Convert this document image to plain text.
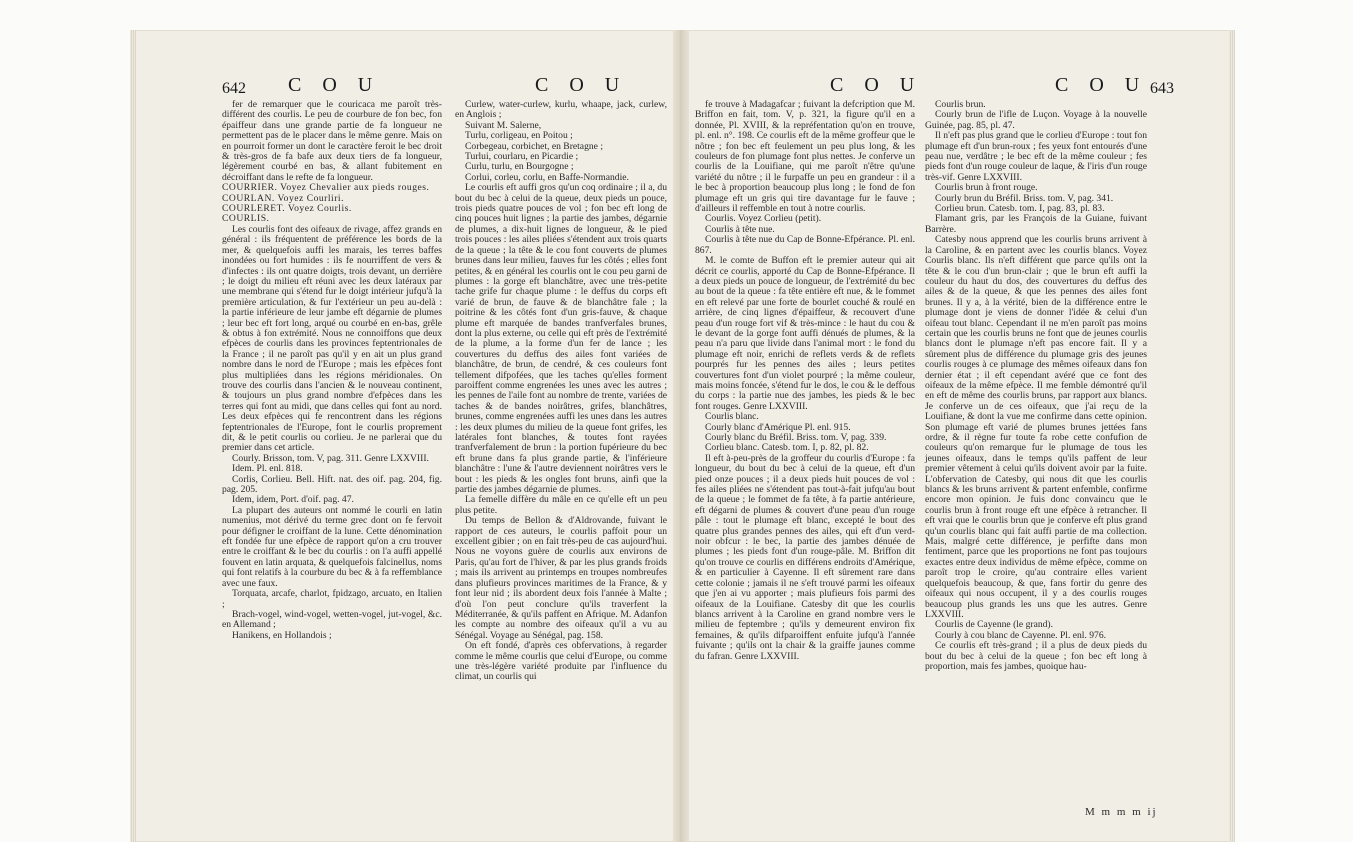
642 C O U	C O U

fer de remarquer que le couricaca me paroît très-différent des courlis. Le peu de courbure de fon bec, fon épaiffeur dans une grande partie de fa longueur ne permettent pas de le placer dans le même genre. Mais on en pourroit former un dont le caractère feroit le bec droit & très-gros de fa bafe aux deux tiers de fa longueur, légèrement courbé en bas, & allant fubitement en décroiffant dans le refte de fa longueur.

COURRIER. Voyez Chevalier aux pieds rouges.

COURLAN. Voyez Courliri.

COURLERET. Voyez Courlis.

COURLIS.

Les courlis font des oifeaux de rivage, affez grands en général : ils fréquentent de préférence les bords de la mer, & quelquefois auffi les marais, les terres baffes inondées ou fort humides : ils fe nourriffent de vers & d'infectes : ils ont quatre doigts, trois devant, un derrière ; le doigt du milieu eft réuni avec les deux latéraux par une membrane qui s'étend fur le doigt intérieur jufqu'à la première articulation, & fur l'extérieur un peu au-delà : la partie inférieure de leur jambe eft dégarnie de plumes ; leur bec eft fort long, arqué ou courbé en en-bas, grêle & obtus à fon extrémité. Nous ne connoiffons que deux efpèces de courlis dans les provinces feptentrionales de la France ; il ne paroît pas qu'il y en ait un plus grand nombre dans le nord de l'Europe ; mais les efpèces font plus multipliées dans les régions méridionales. On trouve des courlis dans l'ancien & le nouveau continent, & toujours un plus grand nombre d'efpèces dans les terres qui font au midi, que dans celles qui font au nord. Les deux efpèces qui fe rencontrent dans les régions feptentrionales de l'Europe, font le courlis proprement dit, & le petit courlis ou corlieu. Je ne parlerai que du premier dans cet article.

Courly. Brisson, tom. V, pag. 311. Genre LXXVIII.

Idem. Pl. enl. 818.

Corlis, Corlieu. Bell. Hift. nat. des oif. pag. 204, fig. pag. 205.

Idem, idem, Port. d'oif. pag. 47.

La plupart des auteurs ont nommé le courli en latin numenius, mot dérivé du terme grec dont on fe fervoit pour défigner le croiffant de la lune. Cette dénomination eft fondée fur une efpèce de rapport qu'on a cru trouver entre le croiffant & le bec du courlis : on l'a auffi appellé fouvent en latin arquata, & quelquefois falcinellus, noms qui font relatifs à la courbure du bec & à fa reffemblance avec une faux.

Torquata, arcafe, charlot, fpidzago, arcuato, en Italien ;

Brach-vogel, wind-vogel, wetten-vogel, jut-vogel, &c. en Allemand ;

Hanikens, en Hollandois ;

Curlew, water-curlew, kurlu, whaape, jack, curlew, en Anglois ;

Suivant M. Salerne,

Turlu, corligeau, en Poitou ;

Corbegeau, corbichet, en Bretagne ;

Turlui, courlaru, en Picardie ;

Curlu, turlu, en Bourgogne ;

Corlui, corleu, corlu, en Baffe-Normandie.

Le courlis eft auffi gros qu'un coq ordinaire ; il a, du bout du bec à celui de la queue, deux pieds un pouce, trois pieds quatre pouces de vol ; fon bec eft long de cinq pouces huit lignes ; la partie des jambes, dégarnie de plumes, a dix-huit lignes de longueur, & le pied trois pouces : les ailes pliées s'étendent aux trois quarts de la queue ; la tête & le cou font couverts de plumes brunes dans leur milieu, fauves fur les côtés ; elles font petites, & en général les courlis ont le cou peu garni de plumes : la gorge eft blanchâtre, avec une très-petite tache grife fur chaque plume : le deffus du corps eft varié de brun, de fauve & de blanchâtre fale ; la poitrine & les côtés font d'un gris-fauve, & chaque plume eft marquée de bandes tranfverfales brunes, dont la plus externe, ou celle qui eft près de l'extrémité de la plume, a la forme d'un fer de lance ; les couvertures du deffus des ailes font variées de blanchâtre, de brun, de cendré, & ces couleurs font tellement difpofées, que les taches qu'elles forment paroiffent comme engrenées les unes avec les autres ; les pennes de l'aile font au nombre de trente, variées de taches & de bandes noirâtres, grifes, blanchâtres, brunes, comme engrenées auffi les unes dans les autres : les deux plumes du milieu de la queue font grifes, les latérales font blanches, & toutes font rayées tranfverfalement de brun : la portion fupérieure du bec eft brune dans fa plus grande partie, & l'inférieure blanchâtre : l'une & l'autre deviennent noirâtres vers le bout : les pieds & les ongles font bruns, ainfi que la partie des jambes dégarnie de plumes.

La femelle diffère du mâle en ce qu'elle eft un peu plus petite.

Du temps de Bellon & d'Aldrovande, fuivant le rapport de ces auteurs, le courlis paffoit pour un excellent gibier ; on en fait très-peu de cas aujourd'hui. Nous ne voyons guère de courlis aux environs de Paris, qu'au fort de l'hiver, & par les plus grands froids ; mais ils arrivent au printemps en troupes nombreufes dans plufieurs provinces maritimes de la France, & y font leur nid ; ils abordent deux fois l'année à Malte ; d'où l'on peut conclure qu'ils traverfent la Méditerranée, & qu'ils paffent en Afrique. M. Adanfon les compte au nombre des oifeaux qu'il a vu au Sénégal. Voyage au Sénégal, pag. 158.

On eft fondé, d'après ces obfervations, à regarder comme le même courlis que celui d'Europe, ou comme une très-légère variété produite par l'influence du climat, un courlis qui

C O U	C O U 643

fe trouve à Madagafcar ; fuivant la defcription que M. Briffon en fait, tom. V, p. 321, la figure qu'il en a donnée, Pl. XVIII, & la repréfentation qu'on en trouve, pl. enl. n°. 198. Ce courlis eft de la même groffeur que le nôtre ; fon bec eft feulement un peu plus long, & les couleurs de fon plumage font plus nettes. Je conferve un courlis de la Louifiane, qui me paroît n'être qu'une variété du nôtre ; il le furpaffe un peu en grandeur : il a le bec à proportion beaucoup plus long ; le fond de fon plumage eft un gris qui tire davantage fur le fauve ; d'ailleurs il reffemble en tout à notre courlis.

Courlis. Voyez Corlieu (petit).

Courlis à tête nue.

Courlis à tête nue du Cap de Bonne-Efpérance. Pl. enl. 867.

M. le comte de Buffon eft le premier auteur qui ait décrit ce courlis, apporté du Cap de Bonne-Efpérance. Il a deux pieds un pouce de longueur, de l'extrémité du bec au bout de la queue : fa tête entière eft nue, & le fommet en eft relevé par une forte de bourlet couché & roulé en arrière, de cinq lignes d'épaiffeur, & recouvert d'une peau d'un rouge fort vif & très-mince : le haut du cou & le devant de la gorge font auffi dénués de plumes, & la peau n'a paru que livide dans l'animal mort : le fond du plumage eft noir, enrichi de reflets verds & de reflets pourprés fur les pennes des ailes ; leurs petites couvertures font d'un violet pourpré ; la même couleur, mais moins foncée, s'étend fur le dos, le cou & le deffous du corps : la partie nue des jambes, les pieds & le bec font rouges. Genre LXXVIII.

Courlis blanc.

Courly blanc d'Amérique Pl. enl. 915.

Courly blanc du Bréfil. Briss. tom. V, pag. 339.

Corlieu blanc. Catesb. tom. I, p. 82, pl. 82.

Il eft à-peu-près de la groffeur du courlis d'Europe : fa longueur, du bout du bec à celui de la queue, eft d'un pied onze pouces ; il a deux pieds huit pouces de vol : fes ailes pliées ne s'étendent pas tout-à-fait jufqu'au bout de la queue ; le fommet de fa tête, à fa partie antérieure, eft dégarni de plumes & couvert d'une peau d'un rouge pâle : tout le plumage eft blanc, excepté le bout des quatre plus grandes pennes des ailes, qui eft d'un verd-noir obfcur : le bec, la partie des jambes dénuée de plumes ; les pieds font d'un rouge-pâle. M. Briffon dit qu'on trouve ce courlis en différens endroits d'Amérique, & en particulier à Cayenne. Il eft sûrement rare dans cette colonie ; jamais il ne s'eft trouvé parmi les oifeaux que j'en ai vu apporter ; mais plufieurs fois parmi des oifeaux de la Louifiane. Catesby dit que les courlis blancs arrivent à la Caroline en grand nombre vers le milieu de feptembre ; qu'ils y demeurent environ fix femaines, & qu'ils difparoiffent enfuite jufqu'à l'année fuivante ; qu'ils ont la chair & la graiffe jaunes comme du fafran. Genre LXXVIII.

Courlis brun.

Courly brun de l'ifle de Luçon. Voyage à la nouvelle Guinée, pag. 85, pl. 47.

Il n'eft pas plus grand que le corlieu d'Europe : tout fon plumage eft d'un brun-roux ; fes yeux font entourés d'une peau nue, verdâtre ; le bec eft de la même couleur ; fes pieds font d'un rouge couleur de laque, & l'iris d'un rouge très-vif. Genre LXXVIII.

Courlis brun à front rouge.

Courly brun du Bréfil. Briss. tom. V, pag. 341.

Corlieu brun. Catesb. tom. I, pag. 83, pl. 83.

Flamant gris, par les François de la Guiane, fuivant Barrère.

Catesby nous apprend que les courlis bruns arrivent à la Caroline, & en partent avec les courlis blancs. Voyez Courlis blanc. Ils n'eft différent que parce qu'ils ont la tête & le cou d'un brun-clair ; que le brun eft auffi la couleur du haut du dos, des couvertures du deffus des ailes & de la queue, & que les pennes des ailes font brunes. Il y a, à la vérité, bien de la différence entre le plumage dont je viens de donner l'idée & celui d'un oifeau tout blanc. Cependant il ne m'en paroît pas moins certain que les courlis bruns ne font que de jeunes courlis blancs dont le plumage n'eft pas encore fait. Il y a sûrement plus de différence du plumage gris des jeunes courlis rouges à ce plumage des mêmes oifeaux dans fon dernier état ; il eft cependant avéré que ce font des oifeaux de la même efpèce. Il me femble démontré qu'il en eft de même des courlis bruns, par rapport aux blancs. Je conferve un de ces oifeaux, que j'ai reçu de la Louifiane, & dont la vue me confirme dans cette opinion. Son plumage eft varié de plumes brunes jettées fans ordre, & il règne fur toute fa robe cette confufion de couleurs qu'on remarque fur le plumage de tous les jeunes oifeaux, dans le temps qu'ils paffent de leur premier vêtement à celui qu'ils doivent avoir par la fuite. L'obfervation de Catesby, qui nous dit que les courlis blancs & les bruns arrivent & partent enfemble, confirme encore mon opinion. Je fuis donc convaincu que le courlis brun à front rouge eft une efpèce à retrancher. Il eft vrai que le courlis brun que je conferve eft plus grand qu'un courlis blanc qui fait auffi partie de ma collection. Mais, malgré cette différence, je perfifte dans mon fentiment, parce que les proportions ne font pas toujours exactes entre deux individus de même efpèce, comme on paroît trop le croire, qu'au contraire elles varient quelquefois beaucoup, & que, fans fortir du genre des oifeaux qui nous occupent, il y a des courlis rouges beaucoup plus grands les uns que les autres. Genre LXXVIII.

Courlis de Cayenne (le grand).

Courly à cou blanc de Cayenne. Pl. enl. 976.

Ce courlis eft très-grand ; il a plus de deux pieds du bout du bec à celui de la queue ; fon bec eft long à proportion, mais fes jambes, quoique hau-

M m m m ij
